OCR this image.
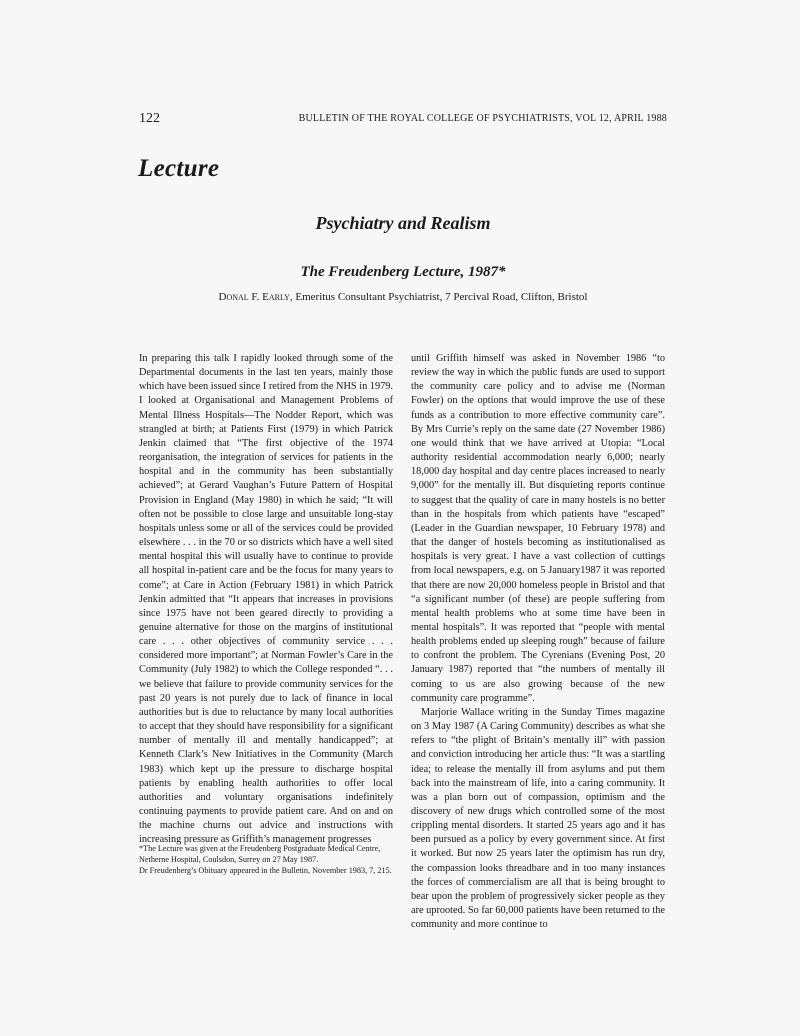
122	BULLETIN OF THE ROYAL COLLEGE OF PSYCHIATRISTS, VOL 12, APRIL 1988
Lecture
Psychiatry and Realism
The Freudenberg Lecture, 1987*
Donal F. Early, Emeritus Consultant Psychiatrist, 7 Percival Road, Clifton, Bristol

In preparing this talk I rapidly looked through some of the Departmental documents in the last ten years, mainly those which have been issued since I retired from the NHS in 1979. I looked at Organisational and Management Problems of Mental Illness Hospitals—The Nodder Report, which was strangled at birth; at Patients First (1979) in which Patrick Jenkin claimed that “The first objective of the 1974 reorganisation, the integration of services for patients in the hospital and in the community has been substantially achieved”; at Gerard Vaughan’s Future Pattern of Hospital Provision in England (May 1980) in which he said; “It will often not be possible to close large and unsuitable long-stay hospitals unless some or all of the services could be provided elsewhere . . . in the 70 or so districts which have a well sited mental hospital this will usually have to continue to provide all hospital in-patient care and be the focus for many years to come”; at Care in Action (February 1981) in which Patrick Jenkin admitted that “It appears that increases in provisions since 1975 have not been geared directly to providing a genuine alternative for those on the margins of institutional care . . . other objectives of community service . . . considered more important”; at Norman Fowler’s Care in the Community (July 1982) to which the College responded “. . . we believe that failure to provide community services for the past 20 years is not purely due to lack of finance in local authorities but is due to reluctance by many local authorities to accept that they should have responsibility for a significant number of mentally ill and mentally handicapped”; at Kenneth Clark’s New Initiatives in the Community (March 1983) which kept up the pressure to discharge hospital patients by enabling health authorities to offer local authorities and voluntary organisations indefinitely continuing payments to provide patient care. And on and on the machine churns out advice and instructions with increasing pressure as Griffith’s management progresses

*The Lecture was given at the Freudenberg Postgraduate Medical Centre, Netherne Hospital, Coulsdon, Surrey on 27 May 1987.

Dr Freudenberg’s Obituary appeared in the Bulletin, November 1983, 7, 215.

until Griffith himself was asked in November 1986 “to review the way in which the public funds are used to support the community care policy and to advise me (Norman Fowler) on the options that would improve the use of these funds as a contribution to more effective community care”. By Mrs Currie’s reply on the same date (27 November 1986) one would think that we have arrived at Utopia: “Local authority residential accommodation nearly 6,000; nearly 18,000 day hospital and day centre places increased to nearly 9,000” for the mentally ill. But disquieting reports continue to suggest that the quality of care in many hostels is no better than in the hospitals from which patients have “escaped” (Leader in the Guardian newspaper, 10 February 1978) and that the danger of hostels becoming as institutionalised as hospitals is very great. I have a vast collection of cuttings from local newspapers, e.g. on 5 January1987 it was reported that there are now 20,000 homeless people in Bristol and that “a significant number (of these) are people suffering from mental health problems who at some time have been in mental hospitals”. It was reported that “people with mental health problems ended up sleeping rough” because of failure to confront the problem. The Cyrenians (Evening Post, 20 January 1987) reported that “the numbers of mentally ill coming to us are also growing because of the new community care programme”.

Marjorie Wallace writing in the Sunday Times magazine on 3 May 1987 (A Caring Community) describes as what she refers to “the plight of Britain’s mentally ill” with passion and conviction introducing her article thus: “It was a startling idea; to release the mentally ill from asylums and put them back into the mainstream of life, into a caring community. It was a plan born out of compassion, optimism and the discovery of new drugs which controlled some of the most crippling mental disorders. It started 25 years ago and it has been pursued as a policy by every government since. At first it worked. But now 25 years later the optimism has run dry, the compassion looks threadbare and in too many instances the forces of commercialism are all that is being brought to bear upon the problem of progressively sicker people as they are uprooted. So far 60,000 patients have been returned to the community and more continue to
